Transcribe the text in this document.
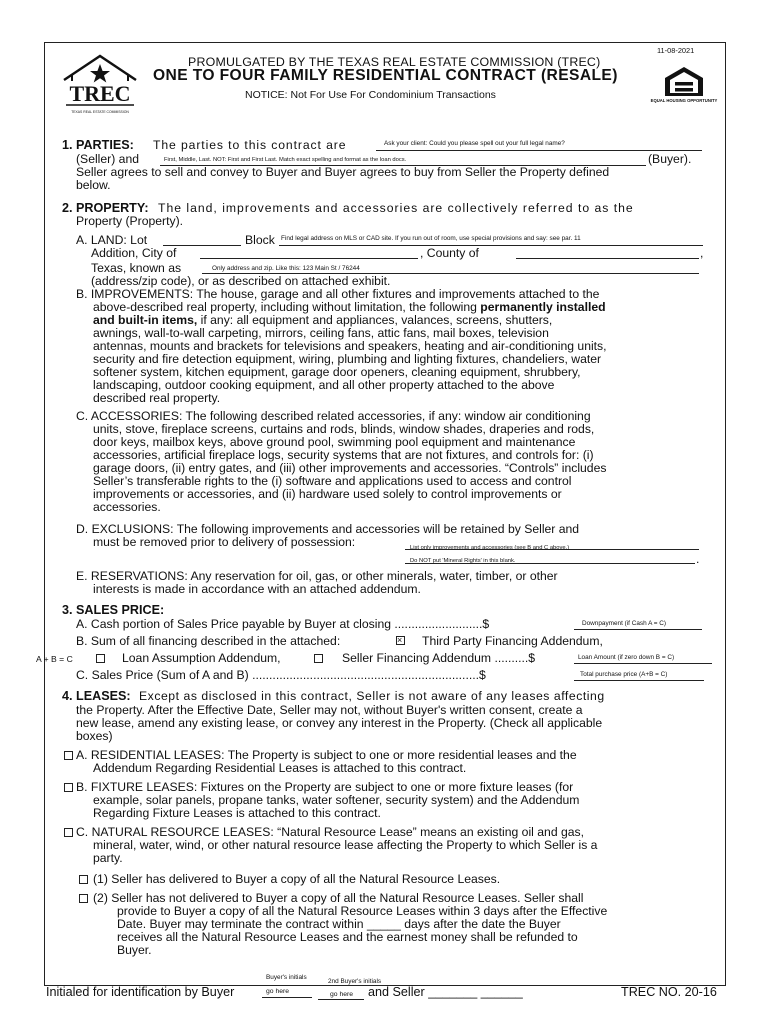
TREC
TEXAS REAL ESTATE COMMISSION
11-08-2021
PROMULGATED BY THE TEXAS REAL ESTATE COMMISSION (TREC)
ONE TO FOUR FAMILY RESIDENTIAL CONTRACT (RESALE)
NOTICE: Not For Use For Condominium Transactions	EQUAL HOUSING OPPORTUNITY
1. PARTIES: The parties to this contract are	Ask your client: Could you please spell out your full legal name?
(Seller) and	First, Middle, Last. NOT: First and First Last. Match exact spelling and format as the loan docs.	(Buyer).
Seller agrees to sell and convey to Buyer and Buyer agrees to buy from Seller the Property defined
below.
2. PROPERTY: The land, improvements and accessories are collectively referred to as the
Property (Property).
A. LAND: Lot	Block Find legal address on MLS or CAD site. If you run out of room, use special provisions and say: see par. 11
Addition, City of	, County of	,
Texas, known as	Only address and zip. Like this: 123 Main St / 76244
(address/zip code), or as described on attached exhibit.
B. IMPROVEMENTS: The house, garage and all other fixtures and improvements attached to the
above-described real property, including without limitation, the following permanently installed
and built-in items, if any: all equipment and appliances, valances, screens, shutters,
awnings, wall-to-wall carpeting, mirrors, ceiling fans, attic fans, mail boxes, television
antennas, mounts and brackets for televisions and speakers, heating and air-conditioning units,
security and fire detection equipment, wiring, plumbing and lighting fixtures, chandeliers, water
softener system, kitchen equipment, garage door openers, cleaning equipment, shrubbery,
landscaping, outdoor cooking equipment, and all other property attached to the above
described real property.
C. ACCESSORIES: The following described related accessories, if any: window air conditioning
units, stove, fireplace screens, curtains and rods, blinds, window shades, draperies and rods,
door keys, mailbox keys, above ground pool, swimming pool equipment and maintenance
accessories, artificial fireplace logs, security systems that are not fixtures, and controls for: (i)
garage doors, (ii) entry gates, and (iii) other improvements and accessories. “Controls” includes
Seller’s transferable rights to the (i) software and applications used to access and control
improvements or accessories, and (ii) hardware used solely to control improvements or
accessories.
D. EXCLUSIONS: The following improvements and accessories will be retained by Seller and
must be removed prior to delivery of possession:	List only improvements and accessories (see B and C above.)
Do NOT put 'Mineral Rights' in this blank.	.
E. RESERVATIONS: Any reservation for oil, gas, or other minerals, water, timber, or other
interests is made in accordance with an attached addendum.
3. SALES PRICE:
A. Cash portion of Sales Price payable by Buyer at closing ..........................$	Downpayment (if Cash A = C)
B. Sum of all financing described in the attached:
×	Third Party Financing Addendum,
A + B = C	Loan Assumption Addendum,	Seller Financing Addendum ..........$	Loan Amount (if zero down B = C)
C. Sales Price (Sum of A and B) ...................................................................$	Total purchase price (A+B = C)
4. LEASES: Except as disclosed in this contract, Seller is not aware of any leases affecting
the Property. After the Effective Date, Seller may not, without Buyer's written consent, create a
new lease, amend any existing lease, or convey any interest in the Property. (Check all applicable
boxes)
A. RESIDENTIAL LEASES: The Property is subject to one or more residential leases and the
Addendum Regarding Residential Leases is attached to this contract.
B. FIXTURE LEASES: Fixtures on the Property are subject to one or more fixture leases (for
example, solar panels, propane tanks, water softener, security system) and the Addendum
Regarding Fixture Leases is attached to this contract.
C. NATURAL RESOURCE LEASES: “Natural Resource Lease” means an existing oil and gas,
mineral, water, wind, or other natural resource lease affecting the Property to which Seller is a
party.
(1) Seller has delivered to Buyer a copy of all the Natural Resource Leases.
(2) Seller has not delivered to Buyer a copy of all the Natural Resource Leases. Seller shall
provide to Buyer a copy of all the Natural Resource Leases within 3 days after the Effective
Date. Buyer may terminate the contract within _____ days after the date the Buyer
receives all the Natural Resource Leases and the earnest money shall be refunded to
Buyer.
Initialed for identification by Buyer
Buyer's initials
go here
2nd Buyer's initials
go here and Seller _______ ______	TREC NO. 20-16
